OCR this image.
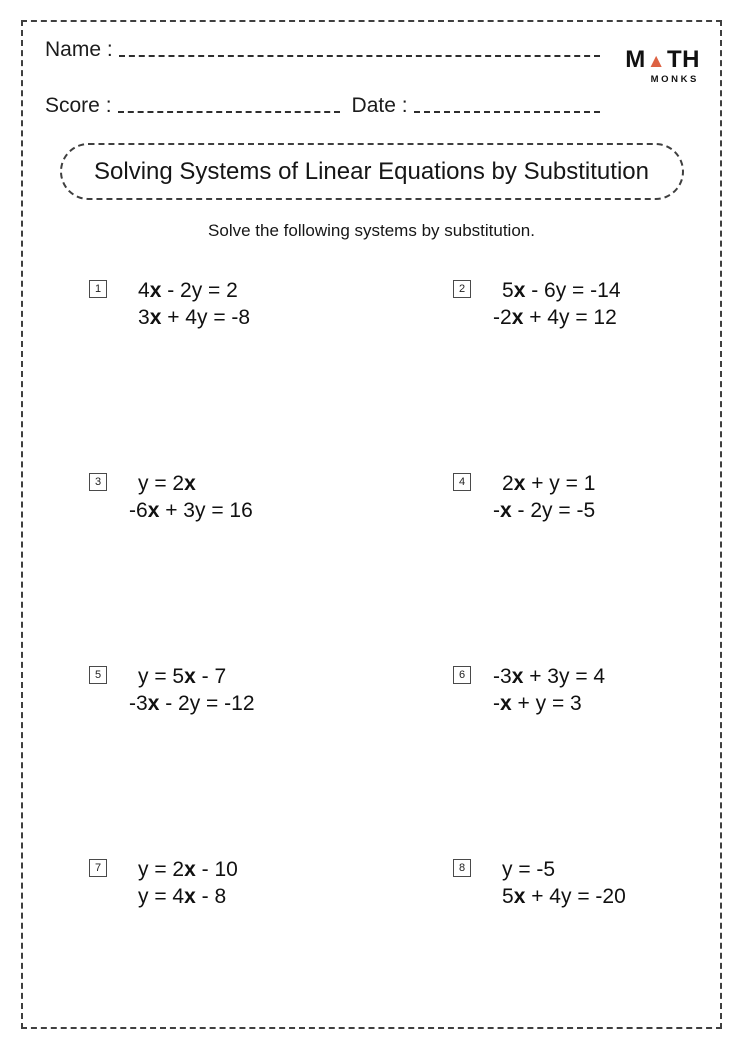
Name :
Score :	Date :
M ▲ TH
MONKS
Solving Systems of Linear Equations by Substitution

Solve the following systems by substitution.

1 4x - 2y = 2
3x + 4y = -8
2 5x - 6y = -14
-2x + 4y = 12
3 y = 2x
-6x + 3y = 16
4 2x + y = 1
-x - 2y = -5
5 y = 5x - 7
-3x - 2y = -12
6 -3x + 3y = 4
-x + y = 3
7 y = 2x - 10
y = 4x - 8
8 y = -5
5x + 4y = -20
